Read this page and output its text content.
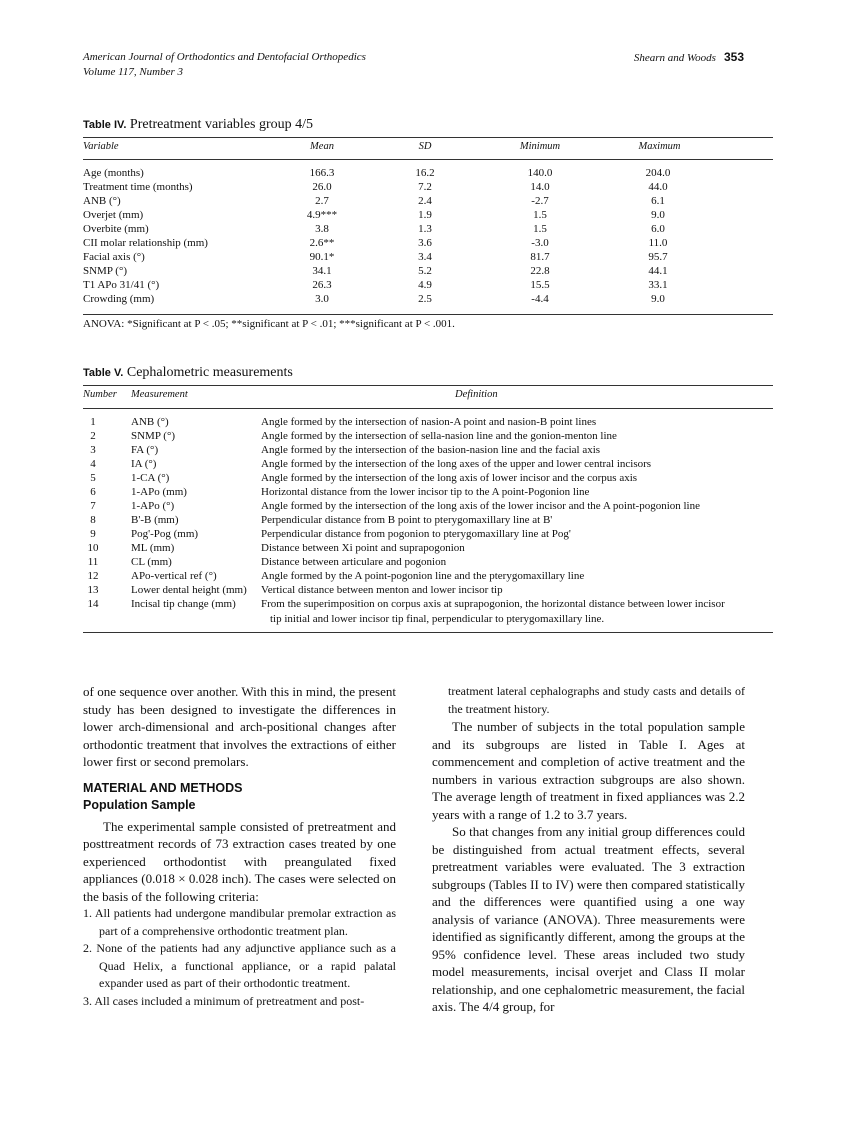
American Journal of Orthodontics and Dentofacial Orthopedics
Volume 117, Number 3
Shearn and Woods 353
Table IV. Pretreatment variables group 4/5
Variable	Mean	SD	Minimum	Maximum
Age (months)	166.3	16.2	140.0	204.0
Treatment time (months)	26.0	7.2	14.0	44.0
ANB (°)	2.7	2.4	-2.7	6.1
Overjet (mm)	4.9***	1.9	1.5	9.0
Overbite (mm)	3.8	1.3	1.5	6.0
CII molar relationship (mm)	2.6**	3.6	-3.0	11.0
Facial axis (°)	90.1*	3.4	81.7	95.7
SNMP (°)	34.1	5.2	22.8	44.1
T1 APo 31/41 (°)	26.3	4.9	15.5	33.1
Crowding (mm)	3.0	2.5	-4.4	9.0
ANOVA: *Significant at P < .05; **significant at P < .01; ***significant at P < .001.
Table V. Cephalometric measurements
Number Measurement	Definition
1	ANB (°)	Angle formed by the intersection of nasion-A point and nasion-B point lines
2	SNMP (°)	Angle formed by the intersection of sella-nasion line and the gonion-menton line
3	FA (°)	Angle formed by the intersection of the basion-nasion line and the facial axis
4	IA (°)	Angle formed by the intersection of the long axes of the upper and lower central incisors
5	1-CA (°)	Angle formed by the intersection of the long axis of lower incisor and the corpus axis
6	1-APo (mm)	Horizontal distance from the lower incisor tip to the A point-Pogonion line
7	1-APo (°)	Angle formed by the intersection of the long axis of the lower incisor and the A point-pogonion line
8	B'-B (mm)	Perpendicular distance from B point to pterygomaxillary line at B'
9	Pog'-Pog (mm)	Perpendicular distance from pogonion to pterygomaxillary line at Pog'
10	ML (mm)	Distance between Xi point and suprapogonion
11	CL (mm)	Distance between articulare and pogonion
12	APo-vertical ref (°)	Angle formed by the A point-pogonion line and the pterygomaxillary line
13	Lower dental height (mm)	Vertical distance between menton and lower incisor tip
14	Incisal tip change (mm)	From the superimposition on corpus axis at suprapogonion, the horizontal distance between lower incisor
tip initial and lower incisor tip final, perpendicular to pterygomaxillary line.

of one sequence over another. With this in mind, the present study has been designed to investigate the differences in lower arch-dimensional and arch-positional changes after orthodontic treatment that involves the extractions of either lower first or second premolars.

MATERIAL AND METHODS

Population Sample

The experimental sample consisted of pretreatment and posttreatment records of 73 extraction cases treated by one experienced orthodontist with preangulated fixed appliances (0.018 × 0.028 inch). The cases were selected on the basis of the following criteria:

1. All patients had undergone mandibular premolar extraction as part of a comprehensive orthodontic treatment plan.

2. None of the patients had any adjunctive appliance such as a Quad Helix, a functional appliance, or a rapid palatal expander used as part of their orthodontic treatment.

3. All cases included a minimum of pretreatment and post-

treatment lateral cephalographs and study casts and details of the treatment history.

The number of subjects in the total population sample and its subgroups are listed in Table I. Ages at commencement and completion of active treatment and the numbers in various extraction subgroups are also shown. The average length of treatment in fixed appliances was 2.2 years with a range of 1.2 to 3.7 years.

So that changes from any initial group differences could be distinguished from actual treatment effects, several pretreatment variables were evaluated. The 3 extraction subgroups (Tables II to IV) were then compared statistically and the differences were quantified using a one way analysis of variance (ANOVA). Three measurements were identified as significantly different, among the groups at the 95% confidence level. These areas included two study model measurements, incisal overjet and Class II molar relationship, and one cephalometric measurement, the facial axis. The 4/4 group, for
